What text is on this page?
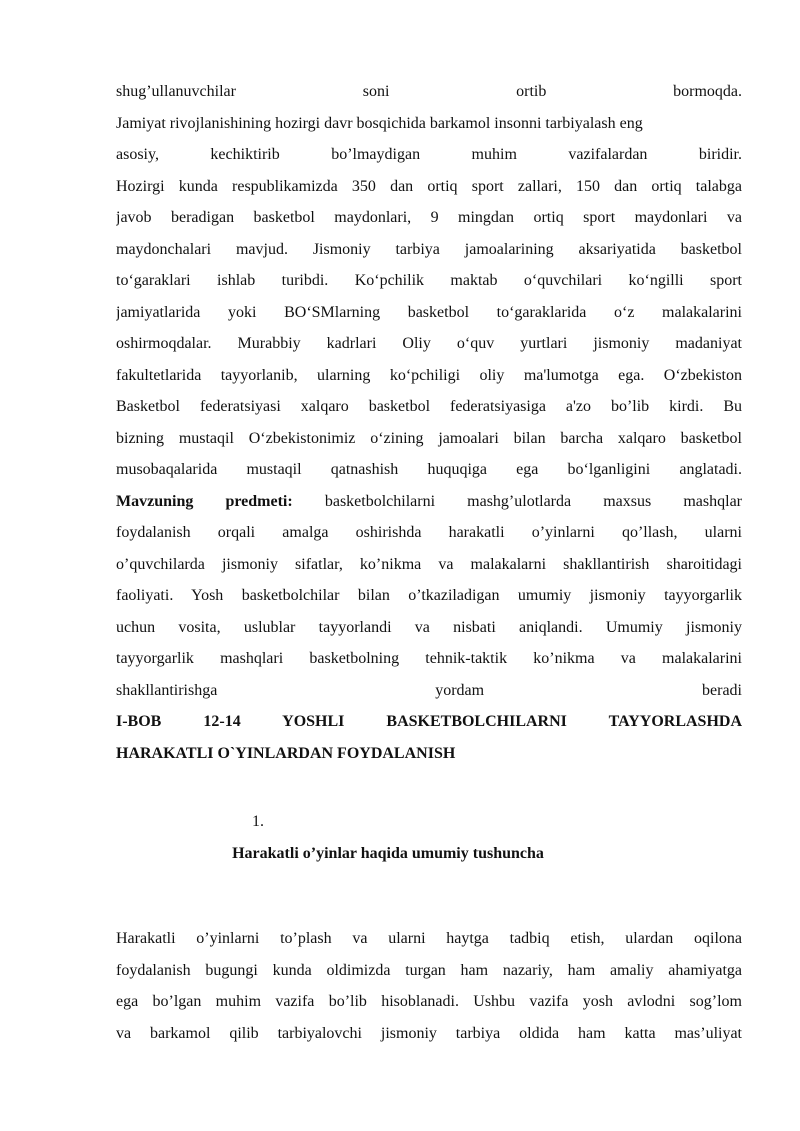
shug’ullanuvchilar soni ortib bormoqda.
Jamiyat rivojlanishining hozirgi davr bosqichida barkamol insonni tarbiyalash eng
asosiy, kechiktirib bo’lmaydigan muhim vazifalardan biridir.
Hozirgi kunda respublikamizda 350 dan ortiq sport zallari, 150 dan ortiq talabga
javob beradigan basketbol maydonlari, 9 mingdan ortiq sport maydonlari va
maydonchalari mavjud. Jismoniy tarbiya jamoalarining aksariyatida basketbol
to‘garaklari ishlab turibdi. Ko‘pchilik maktab o‘quvchilari ko‘ngilli sport
jamiyatlarida yoki BO‘SMlarning basketbol to‘garaklarida o‘z malakalarini
oshirmoqdalar. Murabbiy kadrlari Oliy o‘quv yurtlari jismoniy madaniyat
fakultetlarida tayyorlanib, ularning ko‘pchiligi oliy ma'lumotga ega. O‘zbekiston
Basketbol federatsiyasi xalqaro basketbol federatsiyasiga a'zo bo’lib kirdi. Bu
bizning mustaqil O‘zbekistonimiz o‘zining jamoalari bilan barcha xalqaro basketbol
musobaqalarida mustaqil qatnashish huquqiga ega bo‘lganligini anglatadi.
Mavzuning predmeti: basketbolchilarni mashg’ulotlarda maxsus mashqlar
foydalanish orqali amalga oshirishda harakatli o’yinlarni qo’llash, ularni
o’quvchilarda jismoniy sifatlar, ko’nikma va malakalarni shakllantirish sharoitidagi
faoliyati. Yosh basketbolchilar bilan o’tkaziladigan umumiy jismoniy tayyorgarlik
uchun vosita, uslublar tayyorlandi va nisbati aniqlandi. Umumiy jismoniy
tayyorgarlik mashqlari basketbolning tehnik-taktik ko’nikma va malakalarini
shakllantirishga yordam beradi
I-BOB 12-14 YOSHLI BASKETBOLCHILARNI TAYYORLASHDA
HARAKATLI O`YINLARDAN FOYDALANISH
1.
Harakatli o’yinlar haqida umumiy tushuncha
Harakatli o’yinlarni to’plash va ularni haytga tadbiq etish, ulardan oqilona
foydalanish bugungi kunda oldimizda turgan ham nazariy, ham amaliy ahamiyatga
ega bo’lgan muhim vazifa bo’lib hisoblanadi. Ushbu vazifa yosh avlodni sog’lom
va barkamol qilib tarbiyalovchi jismoniy tarbiya oldida ham katta mas’uliyat
